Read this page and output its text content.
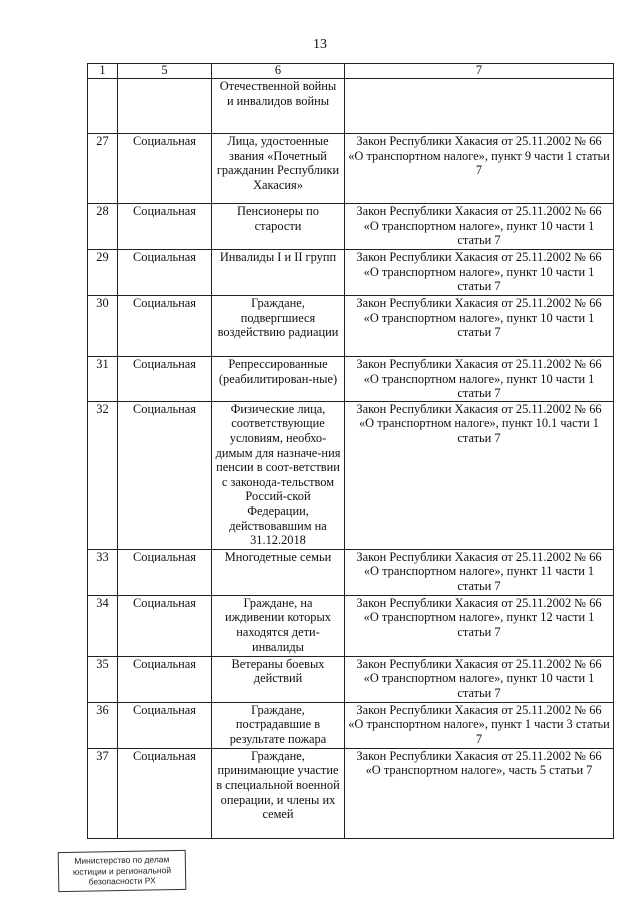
13
1	5	6	7
		Отечественной войны и инвалидов войны	
27	Социальная	Лица, удостоенные звания «Почетный гражданин Республики Хакасия»	Закон Республики Хакасия от 25.11.2002 № 66 «О транспортном налоге», пункт 9 части 1 статьи 7
28	Социальная	Пенсионеры по старости	Закон Республики Хакасия от 25.11.2002 № 66 «О транспортном налоге», пункт 10 части 1 статьи 7
29	Социальная	Инвалиды I и II групп	Закон Республики Хакасия от 25.11.2002 № 66 «О транспортном налоге», пункт 10 части 1 статьи 7
30	Социальная	Граждане, подвергшиеся воздействию радиации	Закон Республики Хакасия от 25.11.2002 № 66 «О транспортном налоге», пункт 10 части 1 статьи 7
31	Социальная	Репрессированные (реабилитирован-ные)	Закон Республики Хакасия от 25.11.2002 № 66 «О транспортном налоге», пункт 10 части 1 статьи 7
32	Социальная	Физические лица, соответствующие условиям, необхо-димым для назначе-ния пенсии в соот-ветствии с законода-тельством Россий-ской Федерации, действовавшим на 31.12.2018	Закон Республики Хакасия от 25.11.2002 № 66 «О транспортном налоге», пункт 10.1 части 1 статьи 7
33	Социальная	Многодетные семьи	Закон Республики Хакасия от 25.11.2002 № 66 «О транспортном налоге», пункт 11 части 1 статьи 7
34	Социальная	Граждане, на иждивении которых находятся дети-инвалиды	Закон Республики Хакасия от 25.11.2002 № 66 «О транспортном налоге», пункт 12 части 1 статьи 7
35	Социальная	Ветераны боевых действий	Закон Республики Хакасия от 25.11.2002 № 66 «О транспортном налоге», пункт 10 части 1 статьи 7
36	Социальная	Граждане, пострадавшие в результате пожара	Закон Республики Хакасия от 25.11.2002 № 66 «О транспортном налоге», пункт 1 части 3 статьи 7
37	Социальная	Граждане, принимающие участие в специальной военной операции, и члены их семей	Закон Республики Хакасия от 25.11.2002 № 66 «О транспортном налоге», часть 5 статьи 7
Министерство по делам
юстиции и региональной
безопасности РХ
